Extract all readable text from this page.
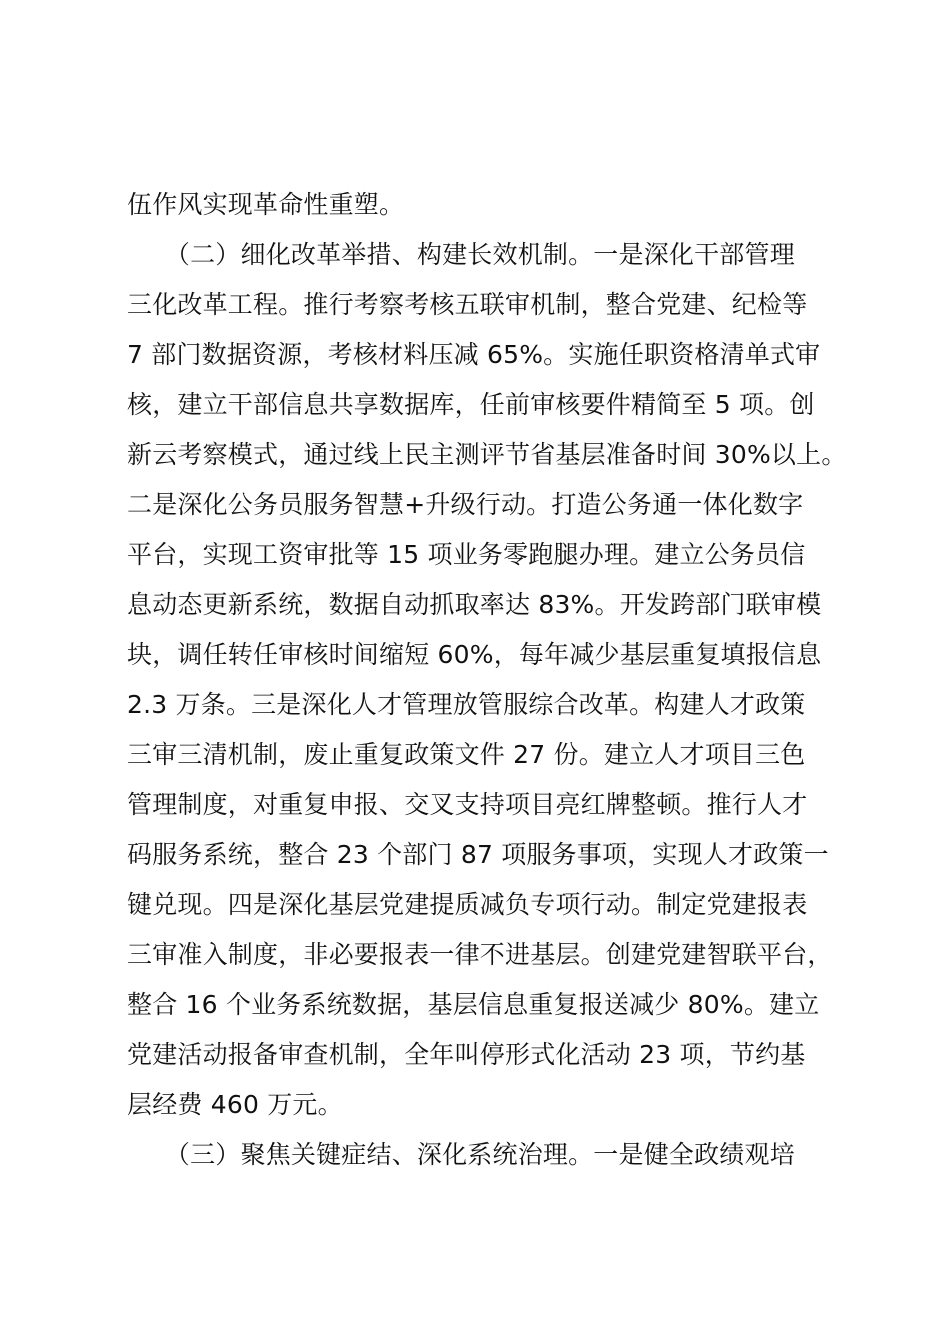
伍作风实现革命性重塑。
　　（二）细化改革举措、构建长效机制。一是深化干部管理
三化改革工程。推行考察考核五联审机制，整合党建、纪检等
7 部门数据资源，考核材料压减 65%。实施任职资格清单式审
核，建立干部信息共享数据库，任前审核要件精简至 5 项。创
新云考察模式，通过线上民主测评节省基层准备时间 30%以上。
二是深化公务员服务智慧+升级行动。打造公务通一体化数字
平台，实现工资审批等 15 项业务零跑腿办理。建立公务员信
息动态更新系统，数据自动抓取率达 83%。开发跨部门联审模
块，调任转任审核时间缩短 60%，每年减少基层重复填报信息
2.3 万条。三是深化人才管理放管服综合改革。构建人才政策
三审三清机制，废止重复政策文件 27 份。建立人才项目三色
管理制度，对重复申报、交叉支持项目亮红牌整顿。推行人才
码服务系统，整合 23 个部门 87 项服务事项，实现人才政策一
键兑现。四是深化基层党建提质减负专项行动。制定党建报表
三审准入制度，非必要报表一律不进基层。创建党建智联平台，
整合 16 个业务系统数据，基层信息重复报送减少 80%。建立
党建活动报备审查机制，全年叫停形式化活动 23 项，节约基
层经费 460 万元。
　　（三）聚焦关键症结、深化系统治理。一是健全政绩观培
